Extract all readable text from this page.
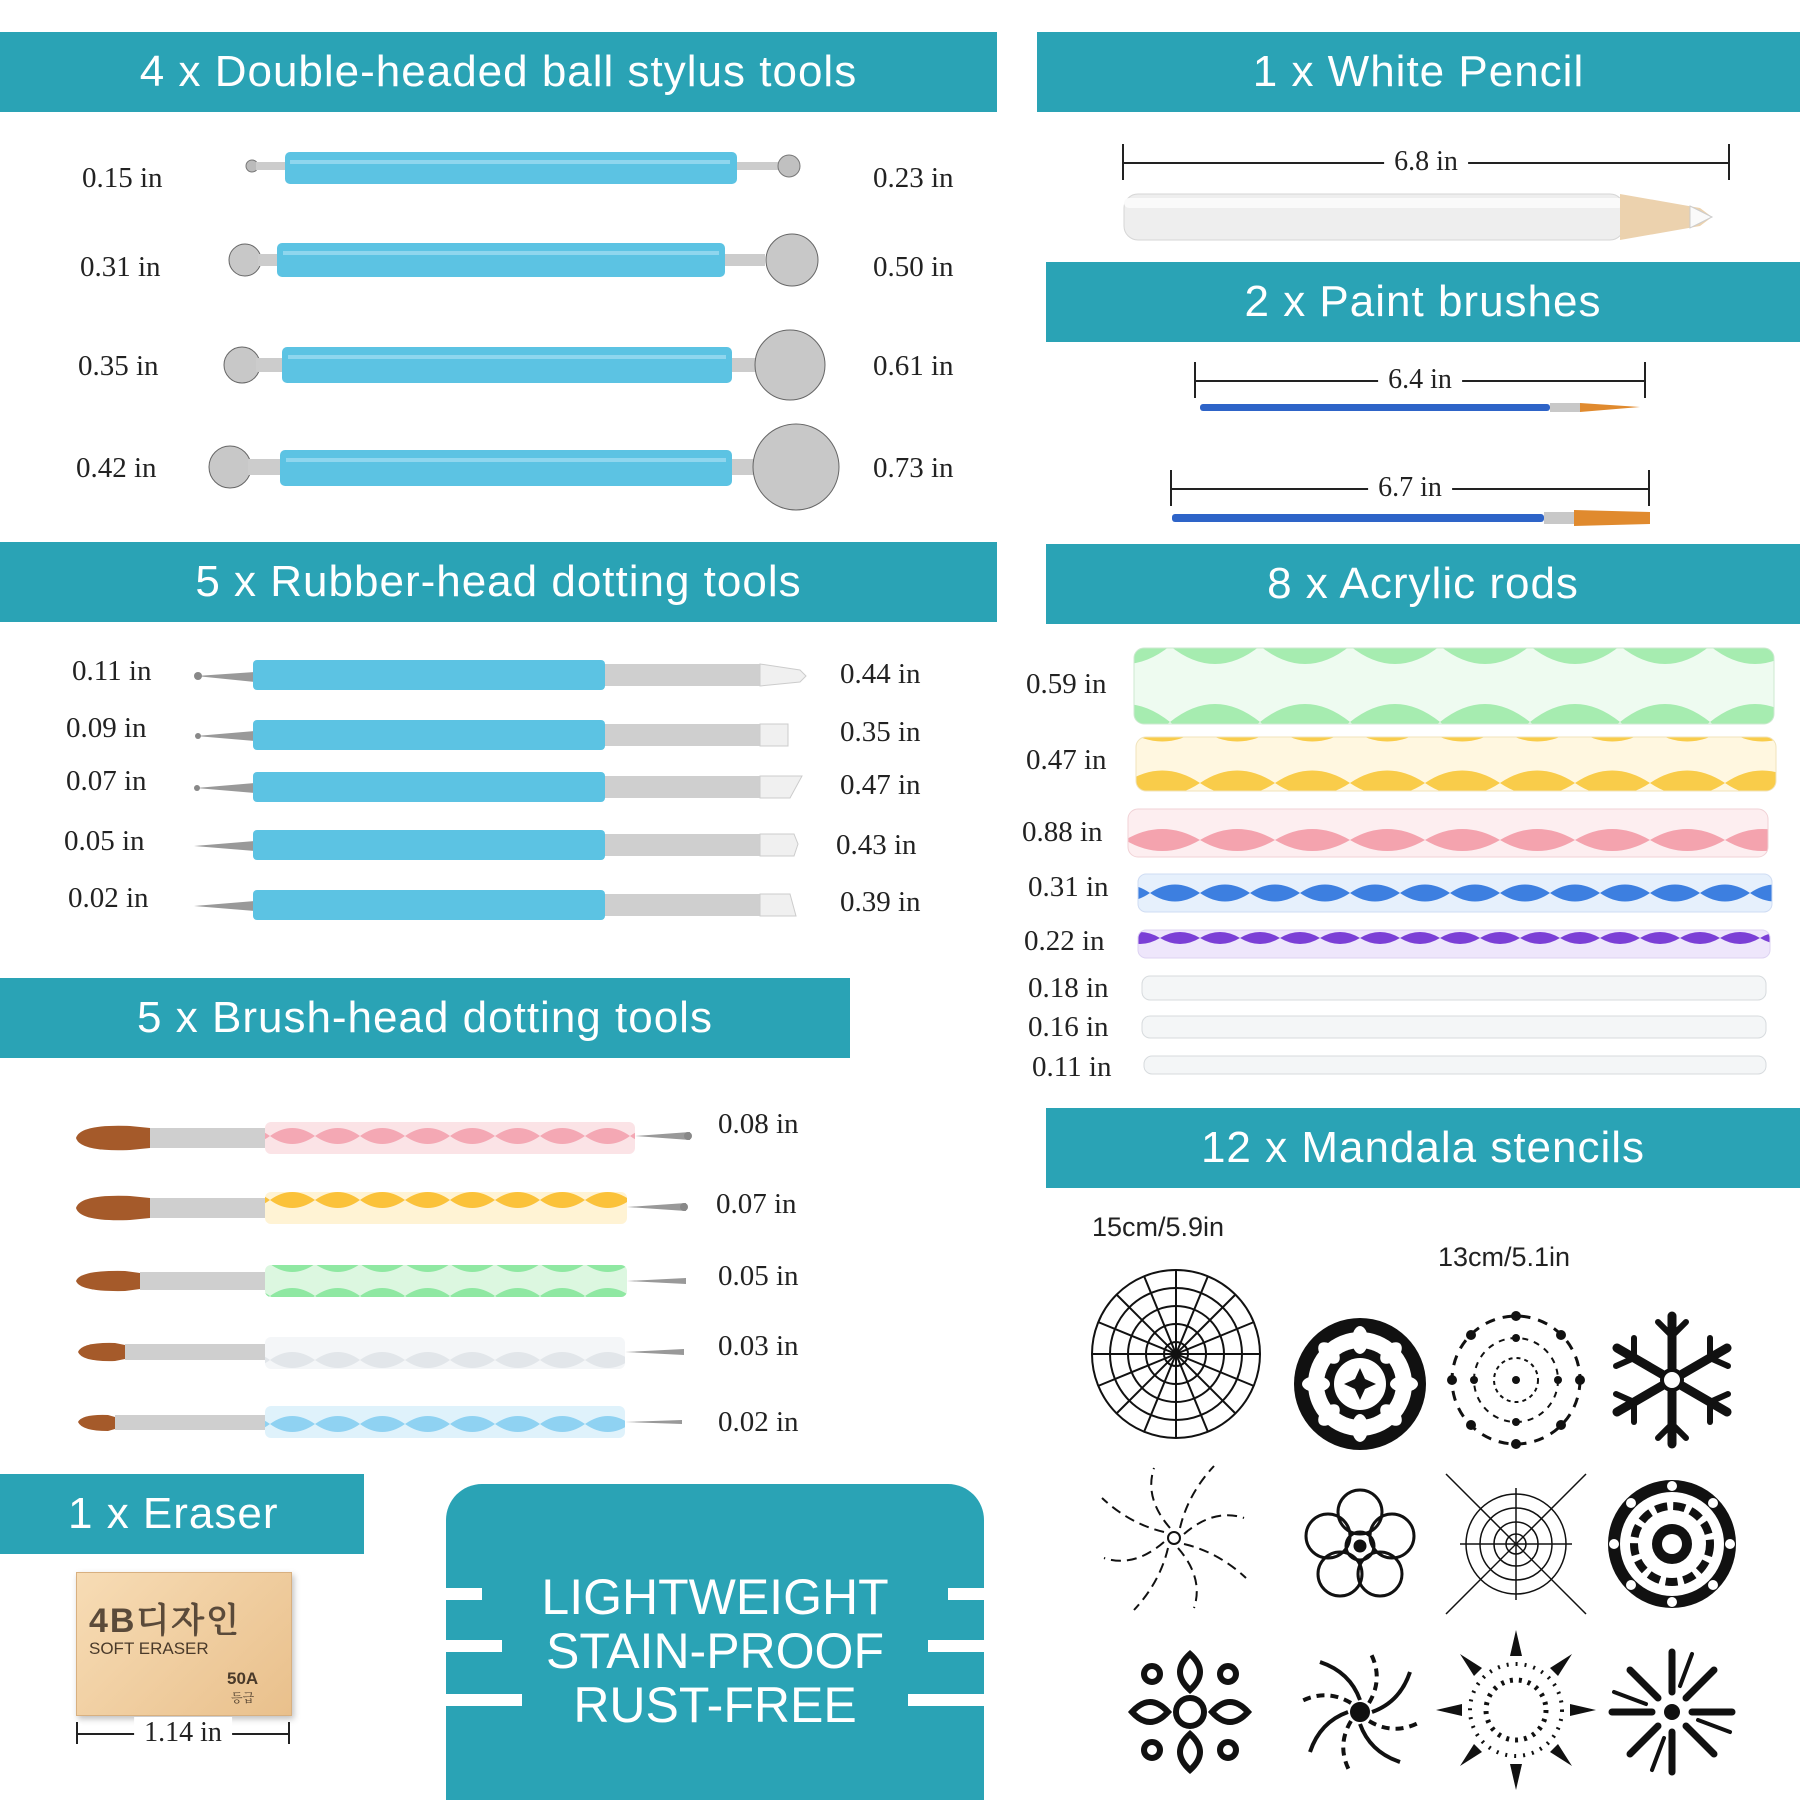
4 x Double-headed ball stylus tools	1 x White Pencil
2 x Paint brushes
5 x Rubber-head dotting tools	8 x Acrylic rods
5 x Brush-head dotting tools
12 x Mandala stencils
1 x Eraser
0.15 in
0.31 in
0.35 in
0.42 in
0.23 in
0.50 in
0.61 in
0.73 in
0.11 in
0.09 in
0.07 in
0.05 in
0.02 in
0.44 in
0.35 in
0.47 in
0.43 in
0.39 in
0.08 in
0.07 in
0.05 in
0.03 in
0.02 in
4B디자인
SOFT ERASER
50A
등급
1.14 in
LIGHTWEIGHT
STAIN-PROOF
RUST-FREE
6.8 in
6.4 in
6.7 in
0.59 in
0.47 in
0.88 in
0.31 in
0.22 in
0.18 in
0.16 in
0.11 in
15cm/5.9in
13cm/5.1in
